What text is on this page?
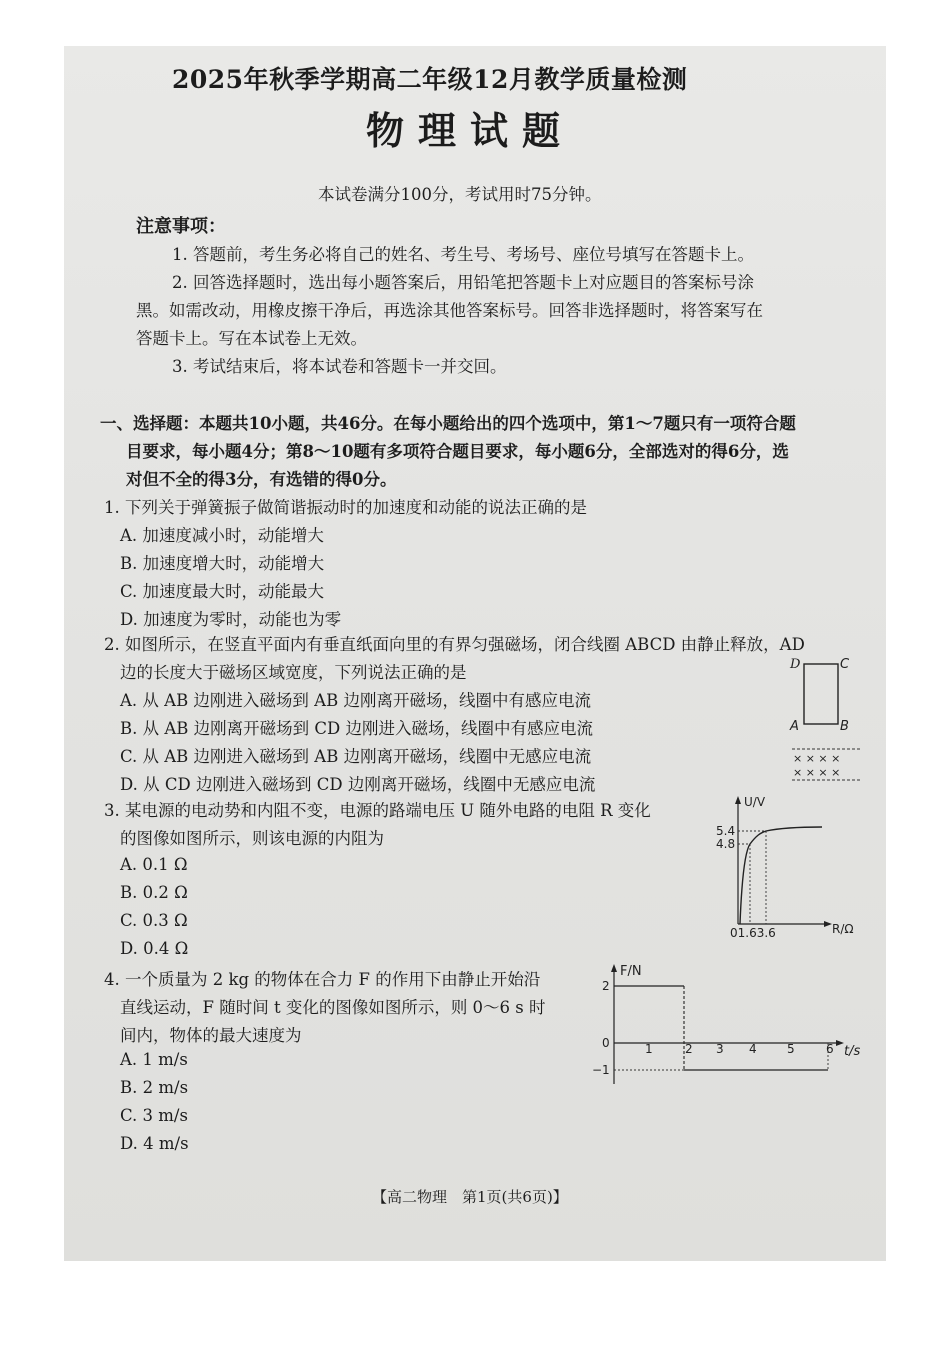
2025年秋季学期高二年级12月教学质量检测
物理试题
本试卷满分100分，考试用时75分钟。
注意事项：
1. 答题前，考生务必将自己的姓名、考生号、考场号、座位号填写在答题卡上。
2. 回答选择题时，选出每小题答案后，用铅笔把答题卡上对应题目的答案标号涂
黑。如需改动，用橡皮擦干净后，再选涂其他答案标号。回答非选择题时，将答案写在
答题卡上。写在本试卷上无效。
3. 考试结束后，将本试卷和答题卡一并交回。
一、选择题：本题共10小题，共46分。在每小题给出的四个选项中，第1～7题只有一项符合题
目要求，每小题4分；第8～10题有多项符合题目要求，每小题6分，全部选对的得6分，选
对但不全的得3分，有选错的得0分。
1. 下列关于弹簧振子做简谐振动时的加速度和动能的说法正确的是
A. 加速度减小时，动能增大
B. 加速度增大时，动能增大
C. 加速度最大时，动能最大
D. 加速度为零时，动能也为零
2. 如图所示，在竖直平面内有垂直纸面向里的有界匀强磁场，闭合线圈 ABCD 由静止释放，AD
边的长度大于磁场区域宽度，下列说法正确的是
A. 从 AB 边刚进入磁场到 AB 边刚离开磁场，线圈中有感应电流
B. 从 AB 边刚离开磁场到 CD 边刚进入磁场，线圈中有感应电流
C. 从 AB 边刚进入磁场到 AB 边刚离开磁场，线圈中无感应电流
D. 从 CD 边刚进入磁场到 CD 边刚离开磁场，线圈中无感应电流
D	C
A	B
× × × ×
× × × ×
3. 某电源的电动势和内阻不变，电源的路端电压 U 随外电路的电阻 R 变化
的图像如图所示，则该电源的内阻为
A. 0.1 Ω
B. 0.2 Ω
C. 0.3 Ω
D. 0.4 Ω
U/V
R/Ω
5.4
4.8
01.63.6
4. 一个质量为 2 kg 的物体在合力 F 的作用下由静止开始沿
直线运动，F 随时间 t 变化的图像如图所示，则 0～6 s 时
间内，物体的最大速度为
A. 1 m/s
B. 2 m/s
C. 3 m/s
D. 4 m/s
F/N
t/s
2
0
−1
1	2 3 4	5	6
【高二物理　第1页(共6页)】
